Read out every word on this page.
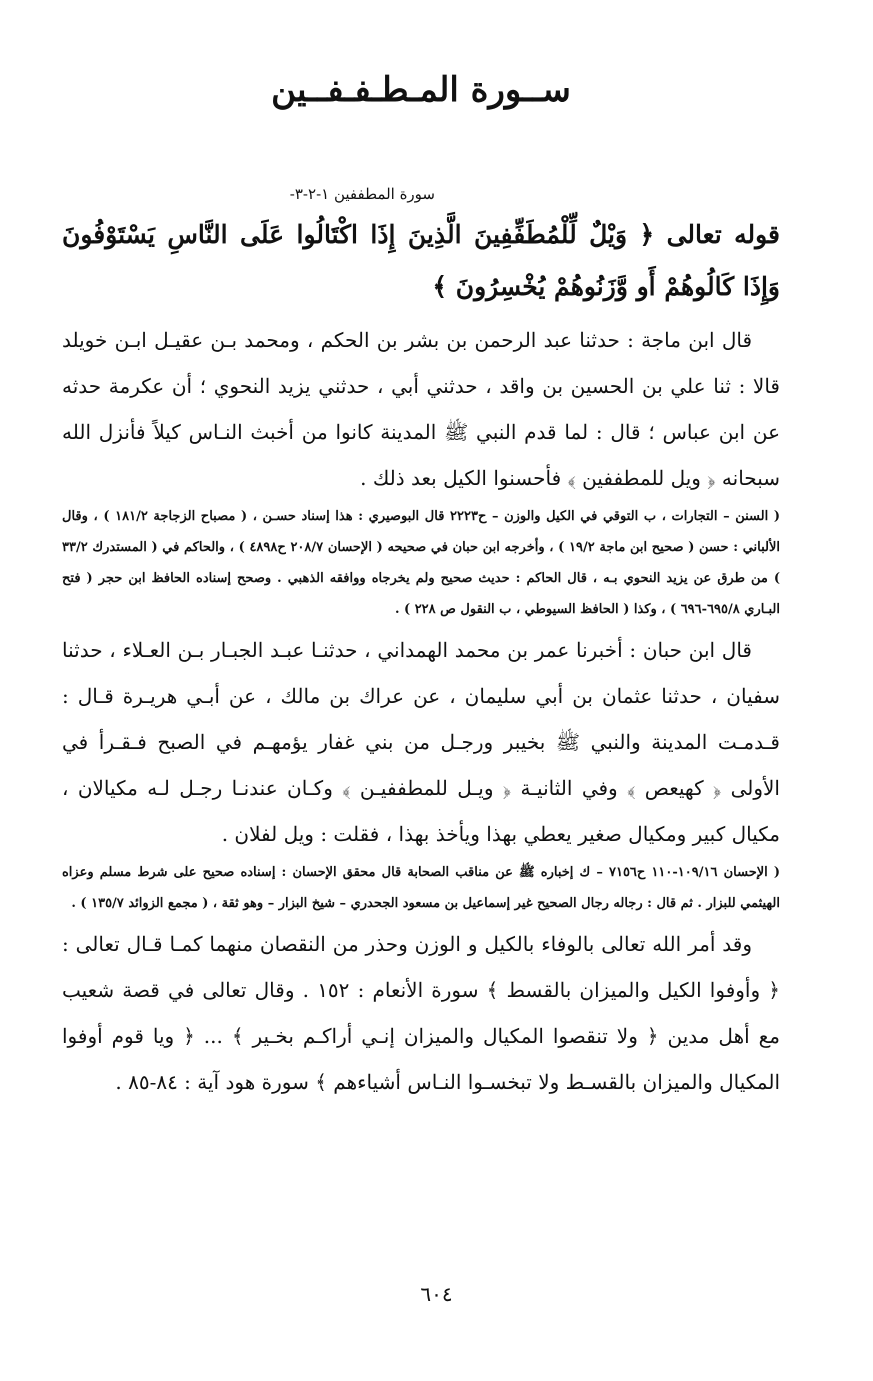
ســورة المـطـفـفــين
سورة المطففين ١-٢-٣-
قوله تعالى ﴿ وَيْلٌ لِّلْمُطَفِّفِينَ الَّذِينَ إِذَا اكْتَالُوا عَلَى النَّاسِ يَسْتَوْفُونَ وَإِذَا كَالُوهُمْ أَو وَّزَنُوهُمْ يُخْسِرُونَ ﴾

قال ابن ماجة : حدثنا عبد الرحمن بن بشر بن الحكم ، ومحمد بـن عقيـل ابـن خويلد قالا : ثنا علي بن الحسين بن واقد ، حدثني أبي ، حدثني يزيد النحوي ؛ أن عكرمة حدثه عن ابن عباس ؛ قال : لما قدم النبي ﷺ المدينة كانوا من أخبث النـاس كيلاً فأنزل الله سبحانه ﴿ ويل للمطففين ﴾ فأحسنوا الكيل بعد ذلك .

( السنن – التجارات ، ب التوقي في الكيل والوزن – ح٢٢٢٣ قال البوصيري : هذا إسناد حسـن ، ( مصباح الزجاجة ١٨١/٢ ) ، وقال الألباني : حسن ( صحيح ابن ماجة ١٩/٢ ) ، وأخرجه ابن حبان في صحيحه ( الإحسان ٢٠٨/٧ ح٤٨٩٨ ) ، والحاكم في ( المستدرك ٣٣/٢ ) من طرق عن يزيد النحوي بـه ، قال الحاكم : حديث صحيح ولم يخرجاه ووافقه الذهبي . وصحح إسناده الحافظ ابن حجر ( فتح البـاري ٦٩٥/٨-٦٩٦ ) ، وكذا ( الحافظ السيوطي ، ب النقول ص ٢٢٨ ) .

قال ابن حبان : أخبرنا عمر بن محمد الهمداني ، حدثنـا عبـد الجبـار بـن العـلاء ، حدثنا سفيان ، حدثنا عثمان بن أبي سليمان ، عن عراك بن مالك ، عن أبـي هريـرة قـال : قـدمـت المدينة والنبي ﷺ بخيبر ورجـل من بني غفار يؤمهـم في الصبح فـقـرأ في الأولى ﴿ كهيعص ﴾ وفي الثانيـة ﴿ ويـل للمطففيـن ﴾ وكـان عندنـا رجـل لـه مكيالان ، مكيال كبير ومكيال صغير يعطي بهذا ويأخذ بهذا ، فقلت : ويل لفلان .

( الإحسان ١٠٩/١٦-١١٠ ح٧١٥٦ – ك إخباره ﷺ عن مناقب الصحابة قال محقق الإحسان : إسناده صحيح على شرط مسلم وعزاه الهيثمي للبزار . ثم قال : رجاله رجال الصحيح غير إسماعيل بن مسعود الجحدري – شيخ البزار – وهو ثقة ، ( مجمع الزوائد ١٣٥/٧ ) .

وقد أمر الله تعالى بالوفاء بالكيل و الوزن وحذر من النقصان منهما كمـا قـال تعالى : ﴿ وأوفوا الكيل والميزان بالقسط ﴾ سورة الأنعام : ١٥٢ . وقال تعالى في قصة شعيب مع أهل مدين ﴿ ولا تنقصوا المكيال والميزان إنـي أراكـم بخـير ﴾ ... ﴿ ويا قوم أوفوا المكيال والميزان بالقسـط ولا تبخسـوا النـاس أشياءهم ﴾ سورة هود آية : ٨٤-٨٥ .

٦٠٤
